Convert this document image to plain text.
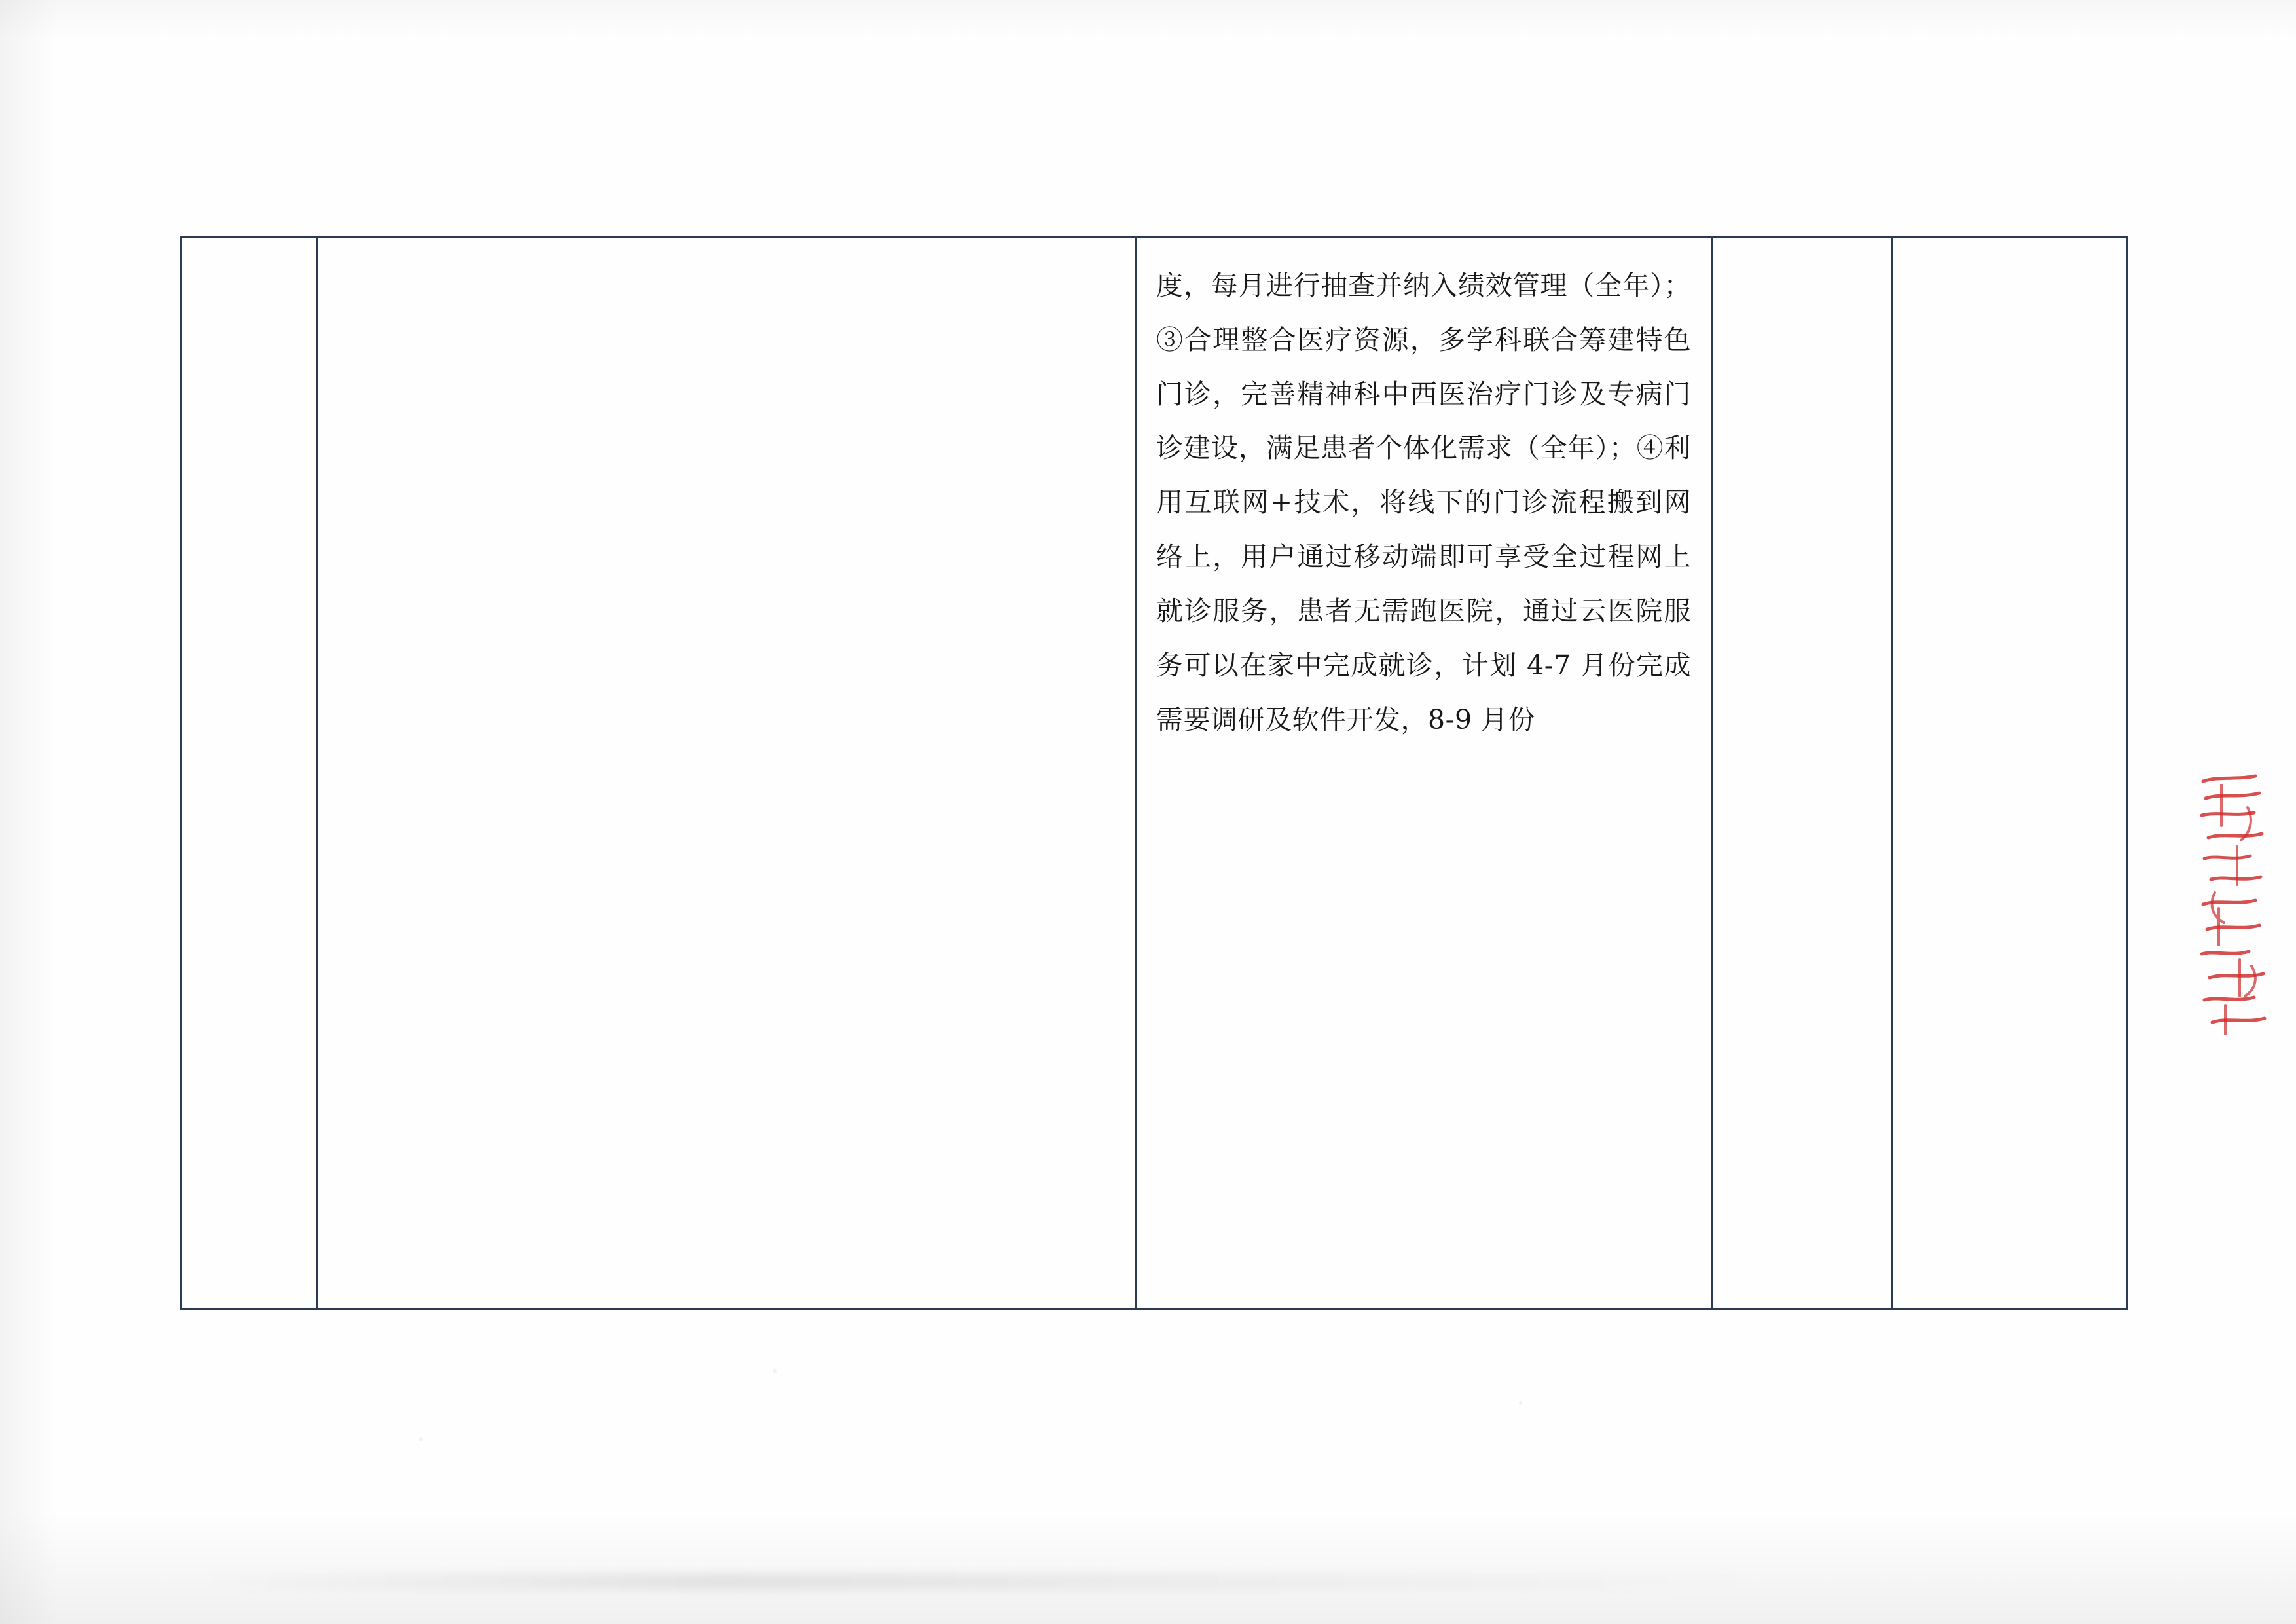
度，每月进行抽查并纳入绩效管理（全年）；③合理整合医疗资源，多学科联合筹建特色门诊，完善精神科中西医治疗门诊及专病门诊建设，满足患者个体化需求（全年）；④利用互联网+技术，将线下的门诊流程搬到网络上，用户通过移动端即可享受全过程网上就诊服务，患者无需跑医院，通过云医院服务可以在家中完成就诊，计划 4-7 月份完成需要调研及软件开发，8-9 月份
